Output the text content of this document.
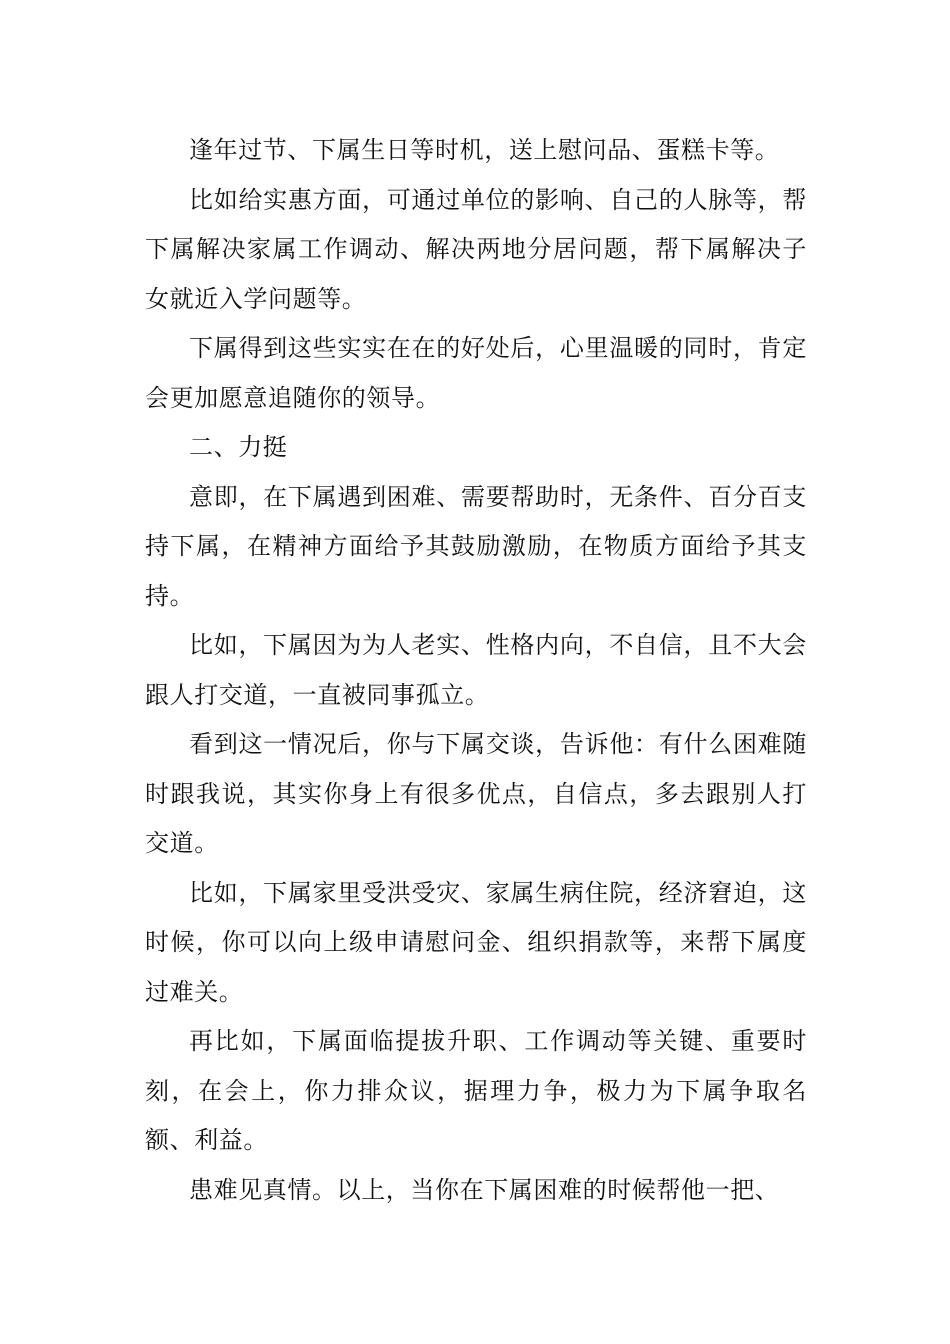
逢年过节、下属生日等时机，送上慰问品、蛋糕卡等。

比如给实惠方面，可通过单位的影响、自己的人脉等，帮下属解决家属工作调动、解决两地分居问题，帮下属解决子女就近入学问题等。

下属得到这些实实在在的好处后，心里温暖的同时，肯定会更加愿意追随你的领导。

二、力挺

意即，在下属遇到困难、需要帮助时，无条件、百分百支持下属，在精神方面给予其鼓励激励，在物质方面给予其支持。

比如，下属因为为人老实、性格内向，不自信，且不大会跟人打交道，一直被同事孤立。

看到这一情况后，你与下属交谈，告诉他：有什么困难随时跟我说，其实你身上有很多优点，自信点，多去跟别人打交道。

比如，下属家里受洪受灾、家属生病住院，经济窘迫，这时候，你可以向上级申请慰问金、组织捐款等，来帮下属度过难关。

再比如，下属面临提拔升职、工作调动等关键、重要时刻，在会上，你力排众议，据理力争，极力为下属争取名额、利益。

患难见真情。以上，当你在下属困难的时候帮他一把、
